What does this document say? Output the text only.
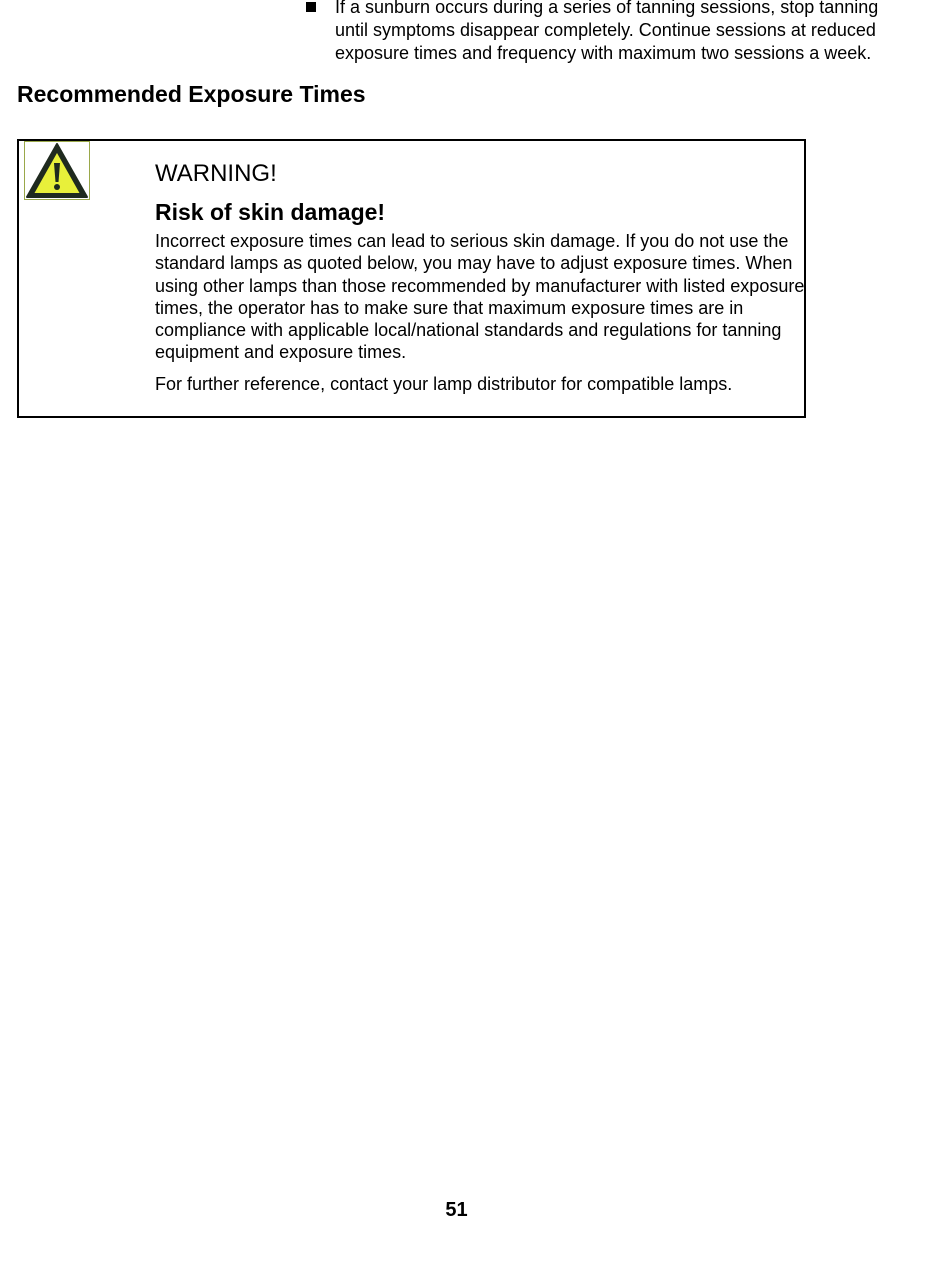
If a sunburn occurs during a series of tanning sessions, stop tanning until symptoms disappear completely. Continue sessions at reduced exposure times and frequency with maximum two sessions a week.
Recommended Exposure Times
WARNING!
Risk of skin damage!

Incorrect exposure times can lead to serious skin damage. If you do not use the standard lamps as quoted below, you may have to adjust exposure times. When using other lamps than those recommended by manufacturer with listed exposure times, the operator has to make sure that maximum exposure times are in compliance with applicable local/national standards and regulations for tanning equipment and exposure times.

For further reference, contact your lamp distributor for compatible lamps.

51
